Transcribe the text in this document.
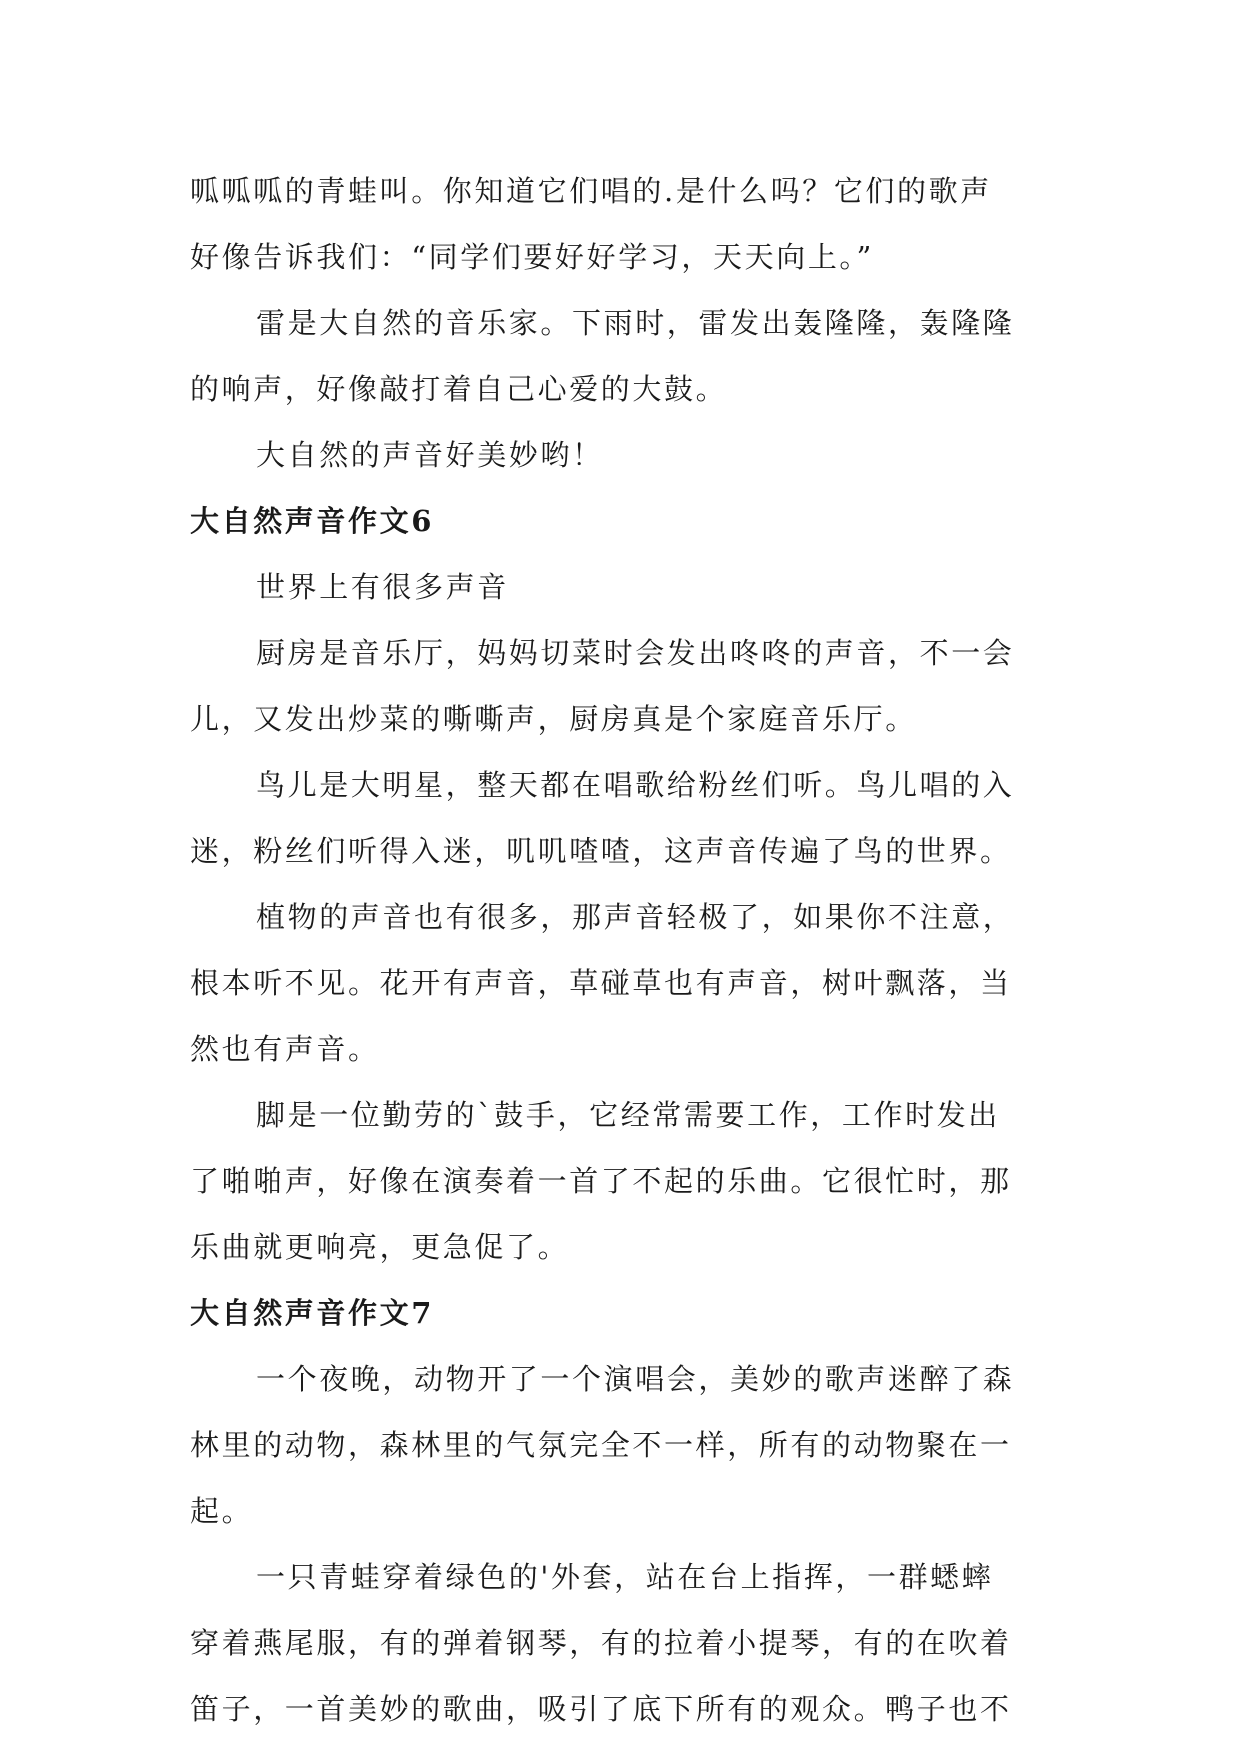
呱呱呱的青蛙叫。你知道它们唱的.是什么吗？它们的歌声
好像告诉我们：“同学们要好好学习，天天向上。”

雷是大自然的音乐家。下雨时，雷发出轰隆隆，轰隆隆
的响声，好像敲打着自己心爱的大鼓。

大自然的声音好美妙哟！

大自然声音作文6

世界上有很多声音

厨房是音乐厅，妈妈切菜时会发出咚咚的声音，不一会
儿，又发出炒菜的嘶嘶声，厨房真是个家庭音乐厅。

鸟儿是大明星，整天都在唱歌给粉丝们听。鸟儿唱的入
迷，粉丝们听得入迷，叽叽喳喳，这声音传遍了鸟的世界。

植物的声音也有很多，那声音轻极了，如果你不注意，
根本听不见。花开有声音，草碰草也有声音，树叶飘落，当
然也有声音。

脚是一位勤劳的`鼓手，它经常需要工作，工作时发出
了啪啪声，好像在演奏着一首了不起的乐曲。它很忙时，那
乐曲就更响亮，更急促了。

大自然声音作文7

一个夜晚，动物开了一个演唱会，美妙的歌声迷醉了森
林里的动物，森林里的气氛完全不一样，所有的动物聚在一
起。

一只青蛙穿着绿色的'外套，站在台上指挥，一群蟋蟀
穿着燕尾服，有的弹着钢琴，有的拉着小提琴，有的在吹着
笛子，一首美妙的歌曲，吸引了底下所有的观众。鸭子也不
